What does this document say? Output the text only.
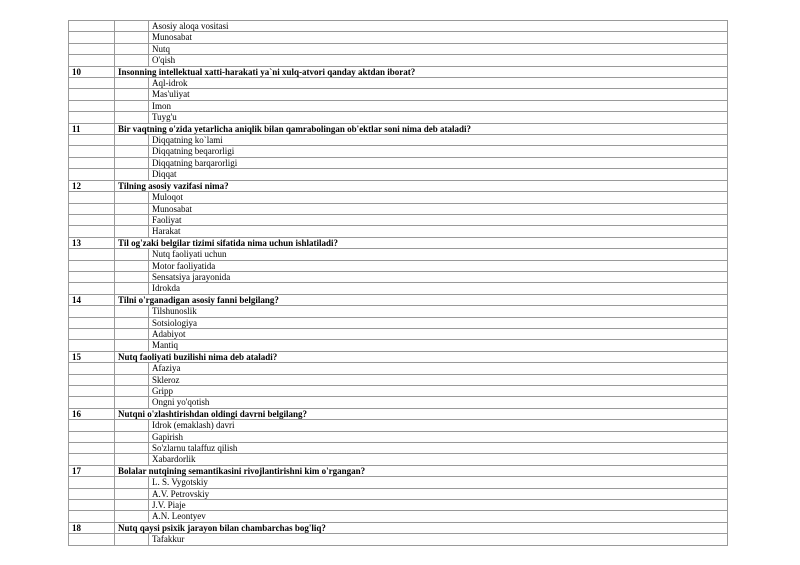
		Asosiy aloqa vositasi
		Munosabat
		Nutq
		O'qish
10	Insonning intellektual xatti-harakati ya`ni xulq-atvori qanday aktdan iborat?	
		Aql-idrok
		Mas'uliyat
		Imon
		Tuyg'u
11	Bir vaqtning o'zida yetarlicha aniqlik bilan qamrabolingan ob'ektlar soni nima deb ataladi?	
		Diqqatning ko`lami
		Diqqatning beqarorligi
		Diqqatning barqarorligi
		Diqqat
12	Tilning asosiy vazifasi nima?	
		Muloqot
		Munosabat
		Faoliyat
		Harakat
13	Til og'zaki belgilar tizimi sifatida nima uchun ishlatiladi?	
		Nutq faoliyati uchun
		Motor faoliyatida
		Sensatsiya jarayonida
		Idrokda
14	Tilni o'rganadigan asosiy fanni belgilang?	
		Tilshunoslik
		Sotsiologiya
		Adabiyot
		Mantiq
15	Nutq faoliyati buzilishi nima deb ataladi?	
		Afaziya
		Skleroz
		Gripp
		Ongni yo'qotish
16	Nutqni o'zlashtirishdan oldingi davrni belgilang?	
		Idrok (emaklash) davri
		Gapirish
		So'zlarnu talaffuz qilish
		Xabardorlik
17	Bolalar nutqining semantikasini rivojlantirishni kim o'rgangan?	
		L. S. Vygotskiy
		A.V. Petrovskiy
		J.V. Piaje
		A.N. Leontyev
18	Nutq qaysi psixik jarayon bilan chambarchas bog'liq?	
		Tafakkur
